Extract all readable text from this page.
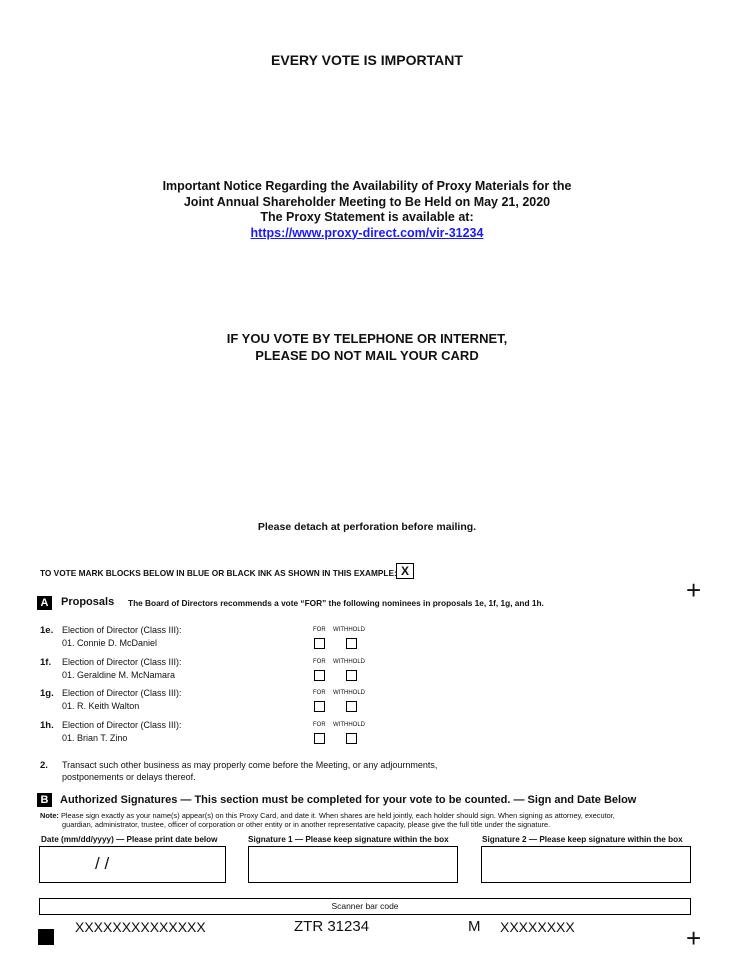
EVERY VOTE IS IMPORTANT
Important Notice Regarding the Availability of Proxy Materials for the
Joint Annual Shareholder Meeting to Be Held on May 21, 2020
The Proxy Statement is available at:
https://www.proxy-direct.com/vir-31234
IF YOU VOTE BY TELEPHONE OR INTERNET,
PLEASE DO NOT MAIL YOUR CARD
Please detach at perforation before mailing.
TO VOTE MARK BLOCKS BELOW IN BLUE OR BLACK INK AS SHOWN IN THIS EXAMPLE: X
+
A	Proposals The Board of Directors recommends a vote “FOR” the following nominees in proposals 1e, 1f, 1g, and 1h.
1e. Election of Director (Class III):
01. Connie D. McDaniel
FOR WITHHOLD
1f. Election of Director (Class III):
01. Geraldine M. McNamara
FOR WITHHOLD
1g. Election of Director (Class III):
01. R. Keith Walton
FOR WITHHOLD
1h. Election of Director (Class III):
01. Brian T. Zino
FOR WITHHOLD
2. Transact such other business as may properly come before the Meeting, or any adjournments,
postponements or delays thereof.
B	Authorized Signatures — This section must be completed for your vote to be counted. — Sign and Date Below
Note: Please sign exactly as your name(s) appear(s) on this Proxy Card, and date it. When shares are held jointly, each holder should sign. When signing as attorney, executor,
guardian, administrator, trustee, officer of corporation or other entity or in another representative capacity, please give the full title under the signature.
Date (mm/dd/yyyy) — Please print date below
/ /
Signature 1 — Please keep signature within the box	Signature 2 — Please keep signature within the box
Scanner bar code
XXXXXXXXXXXXXX	ZTR 31234	M XXXXXXXX	+
